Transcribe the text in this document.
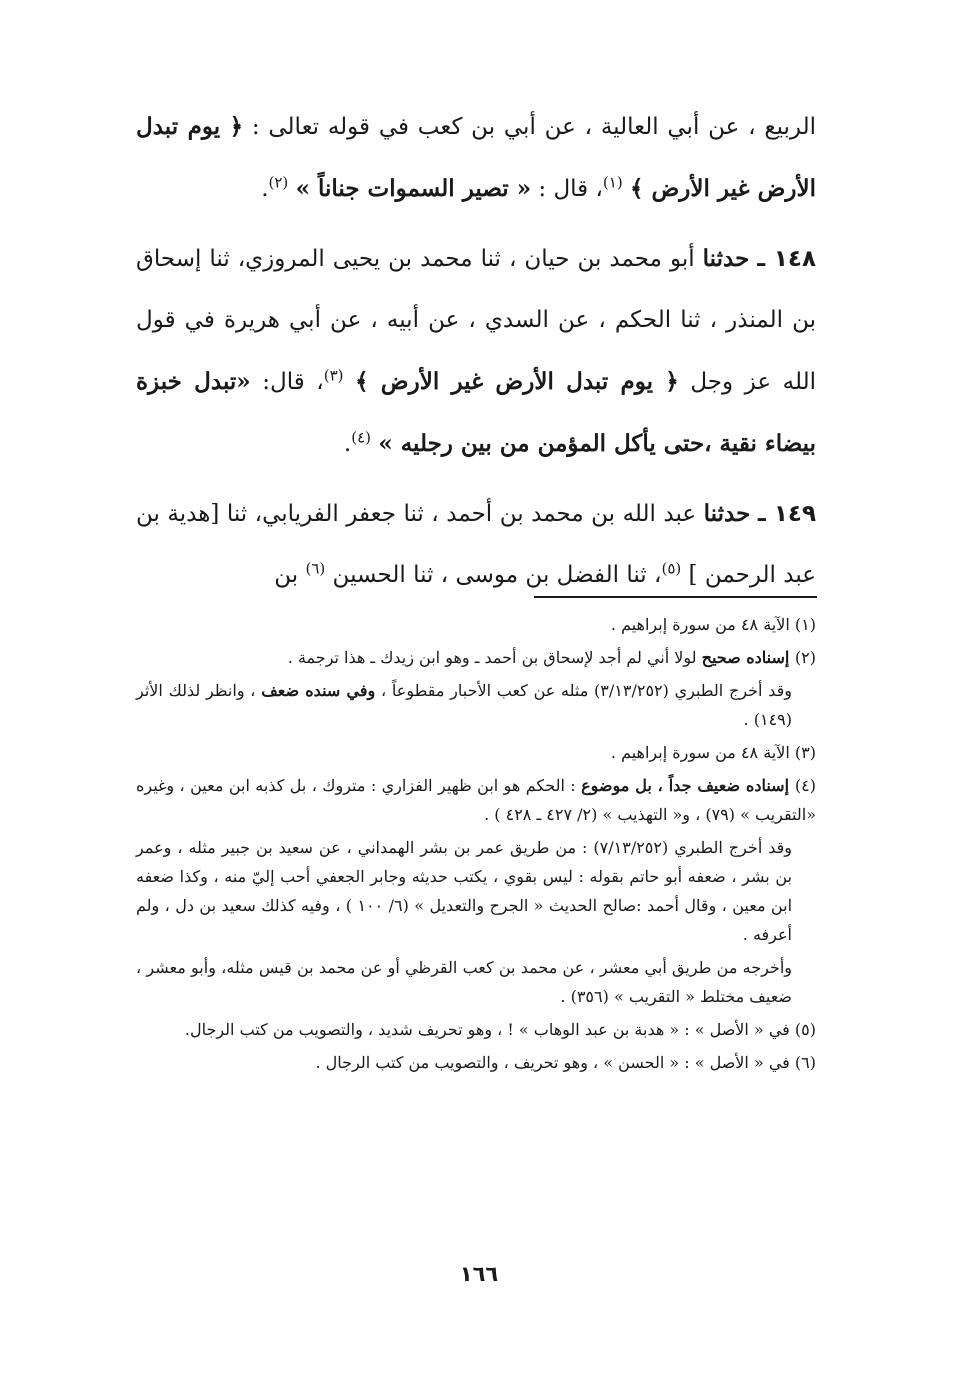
الربيع ، عن أبي العالية ، عن أبي بن كعب في قوله تعالى : ﴿ يوم تبدل الأرض غير الأرض ﴾ $^{(١)}$، قال : « تصير السموات جناناً » $^{(٢)}$.

١٤٨ ـ حدثنا أبو محمد بن حيان ، ثنا محمد بن يحيى المروزي، ثنا إسحاق بن المنذر ، ثنا الحكم ، عن السدي ، عن أبيه ، عن أبي هريرة في قول الله عز وجل ﴿ يوم تبدل الأرض غير الأرض ﴾ $^{(٣)}$، قال: «تبدل خبزة بيضاء نقية ،حتى يأكل المؤمن من بين رجليه » $^{(٤)}$.

١٤٩ ـ حدثنا عبد الله بن محمد بن أحمد ، ثنا جعفر الفريابي، ثنا [هدية بن عبد الرحمن ] $^{(٥)}$، ثنا الفضل بن موسى ، ثنا الحسين $^{(٦)}$ بن

(١) الآية ٤٨ من سورة إبراهيم .

(٢) إسناده صحيح لولا أني لم أجد لإسحاق بن أحمد ـ وهو ابن زيدك ـ هذا ترجمة .

وقد أخرج الطبري (٣/١٣/٢٥٢) مثله عن كعب الأحبار مقطوعاً ، وفي سنده ضعف ، وانظر لذلك الأثر (١٤٩) .

(٣) الآية ٤٨ من سورة إبراهيم .

(٤) إسناده ضعيف جداً ، بل موضوع : الحكم هو ابن ظهير الفزاري : متروك ، بل كذبه ابن معين ، وغيره «التقريب » (٧٩) ، و« التهذيب » (٢/ ٤٢٧ ـ ٤٢٨ ) .

وقد أخرج الطبري (٧/١٣/٢٥٢) : من طريق عمر بن بشر الهمداني ، عن سعيد بن جبير مثله ، وعمر بن بشر ، ضعفه أبو حاتم بقوله : ليس بقوي ، يكتب حديثه وجابر الجعفي أحب إليّ منه ، وكذا ضعفه ابن معين ، وقال أحمد :صالح الحديث « الجرح والتعديل » (٦/ ١٠٠ ) ، وفيه كذلك سعيد بن دل ، ولم أعرفه .

وأخرجه من طريق أبي معشر ، عن محمد بن كعب القرظي أو عن محمد بن قيس مثله، وأبو معشر ، ضعيف مختلط « التقريب » (٣٥٦) .

(٥) في « الأصل » : « هدبة بن عبد الوهاب » ! ، وهو تحريف شديد ، والتصويب من كتب الرجال.

(٦) في « الأصل » : « الحسن » ، وهو تحريف ، والتصويب من كتب الرجال .

١٦٦
